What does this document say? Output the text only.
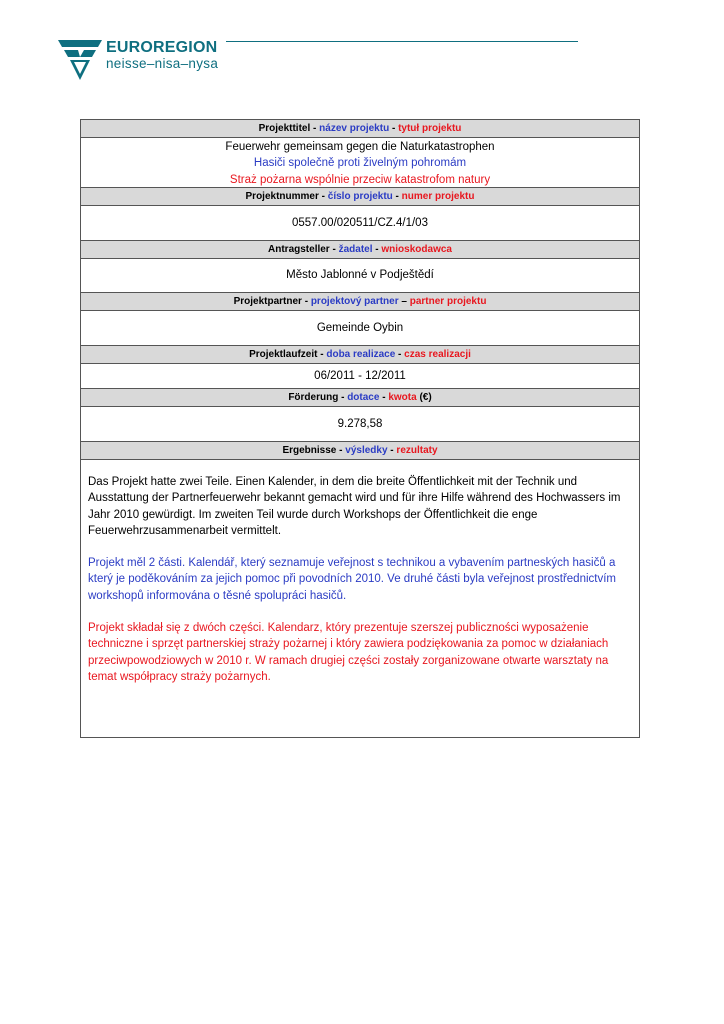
EUROREGION
neisse–nisa–nysa
Projekttitel - název projektu - tytuł projektu
Feuerwehr gemeinsam gegen die Naturkatastrophen
Hasiči společně proti živelným pohromám
Straż pożarna wspólnie przeciw katastrofom natury
Projektnummer - číslo projektu - numer projektu
0557.00/020511/CZ.4/1/03
Antragsteller - žadatel - wnioskodawca
Město Jablonné v Podještědí
Projektpartner - projektový partner – partner projektu
Gemeinde Oybin
Projektlaufzeit - doba realizace - czas realizacji
06/2011 - 12/2011
Förderung - dotace - kwota (€)
9.278,58
Ergebnisse - výsledky - rezultaty

Das Projekt hatte zwei Teile. Einen Kalender, in dem die breite Öffentlichkeit mit der Technik und Ausstattung der Partnerfeuerwehr bekannt gemacht wird und für ihre Hilfe während des Hochwassers im Jahr 2010 gewürdigt. Im zweiten Teil wurde durch Workshops der Öffentlichkeit die enge Feuerwehrzusammenarbeit vermittelt.

Projekt měl 2 části. Kalendář, který seznamuje veřejnost s technikou a vybavením partneských hasičů a který je poděkováním za jejich pomoc při povodních 2010. Ve druhé části byla veřejnost prostřednictvím workshopů informována o těsné spolupráci hasičů.

Projekt składał się z dwóch części. Kalendarz, który prezentuje szerszej publiczności wyposażenie techniczne i sprzęt partnerskiej straży pożarnej i który zawiera podziękowania za pomoc w działaniach przeciwpowodziowych w 2010 r. W ramach drugiej części zostały zorganizowane otwarte warsztaty na temat współpracy straży pożarnych.
